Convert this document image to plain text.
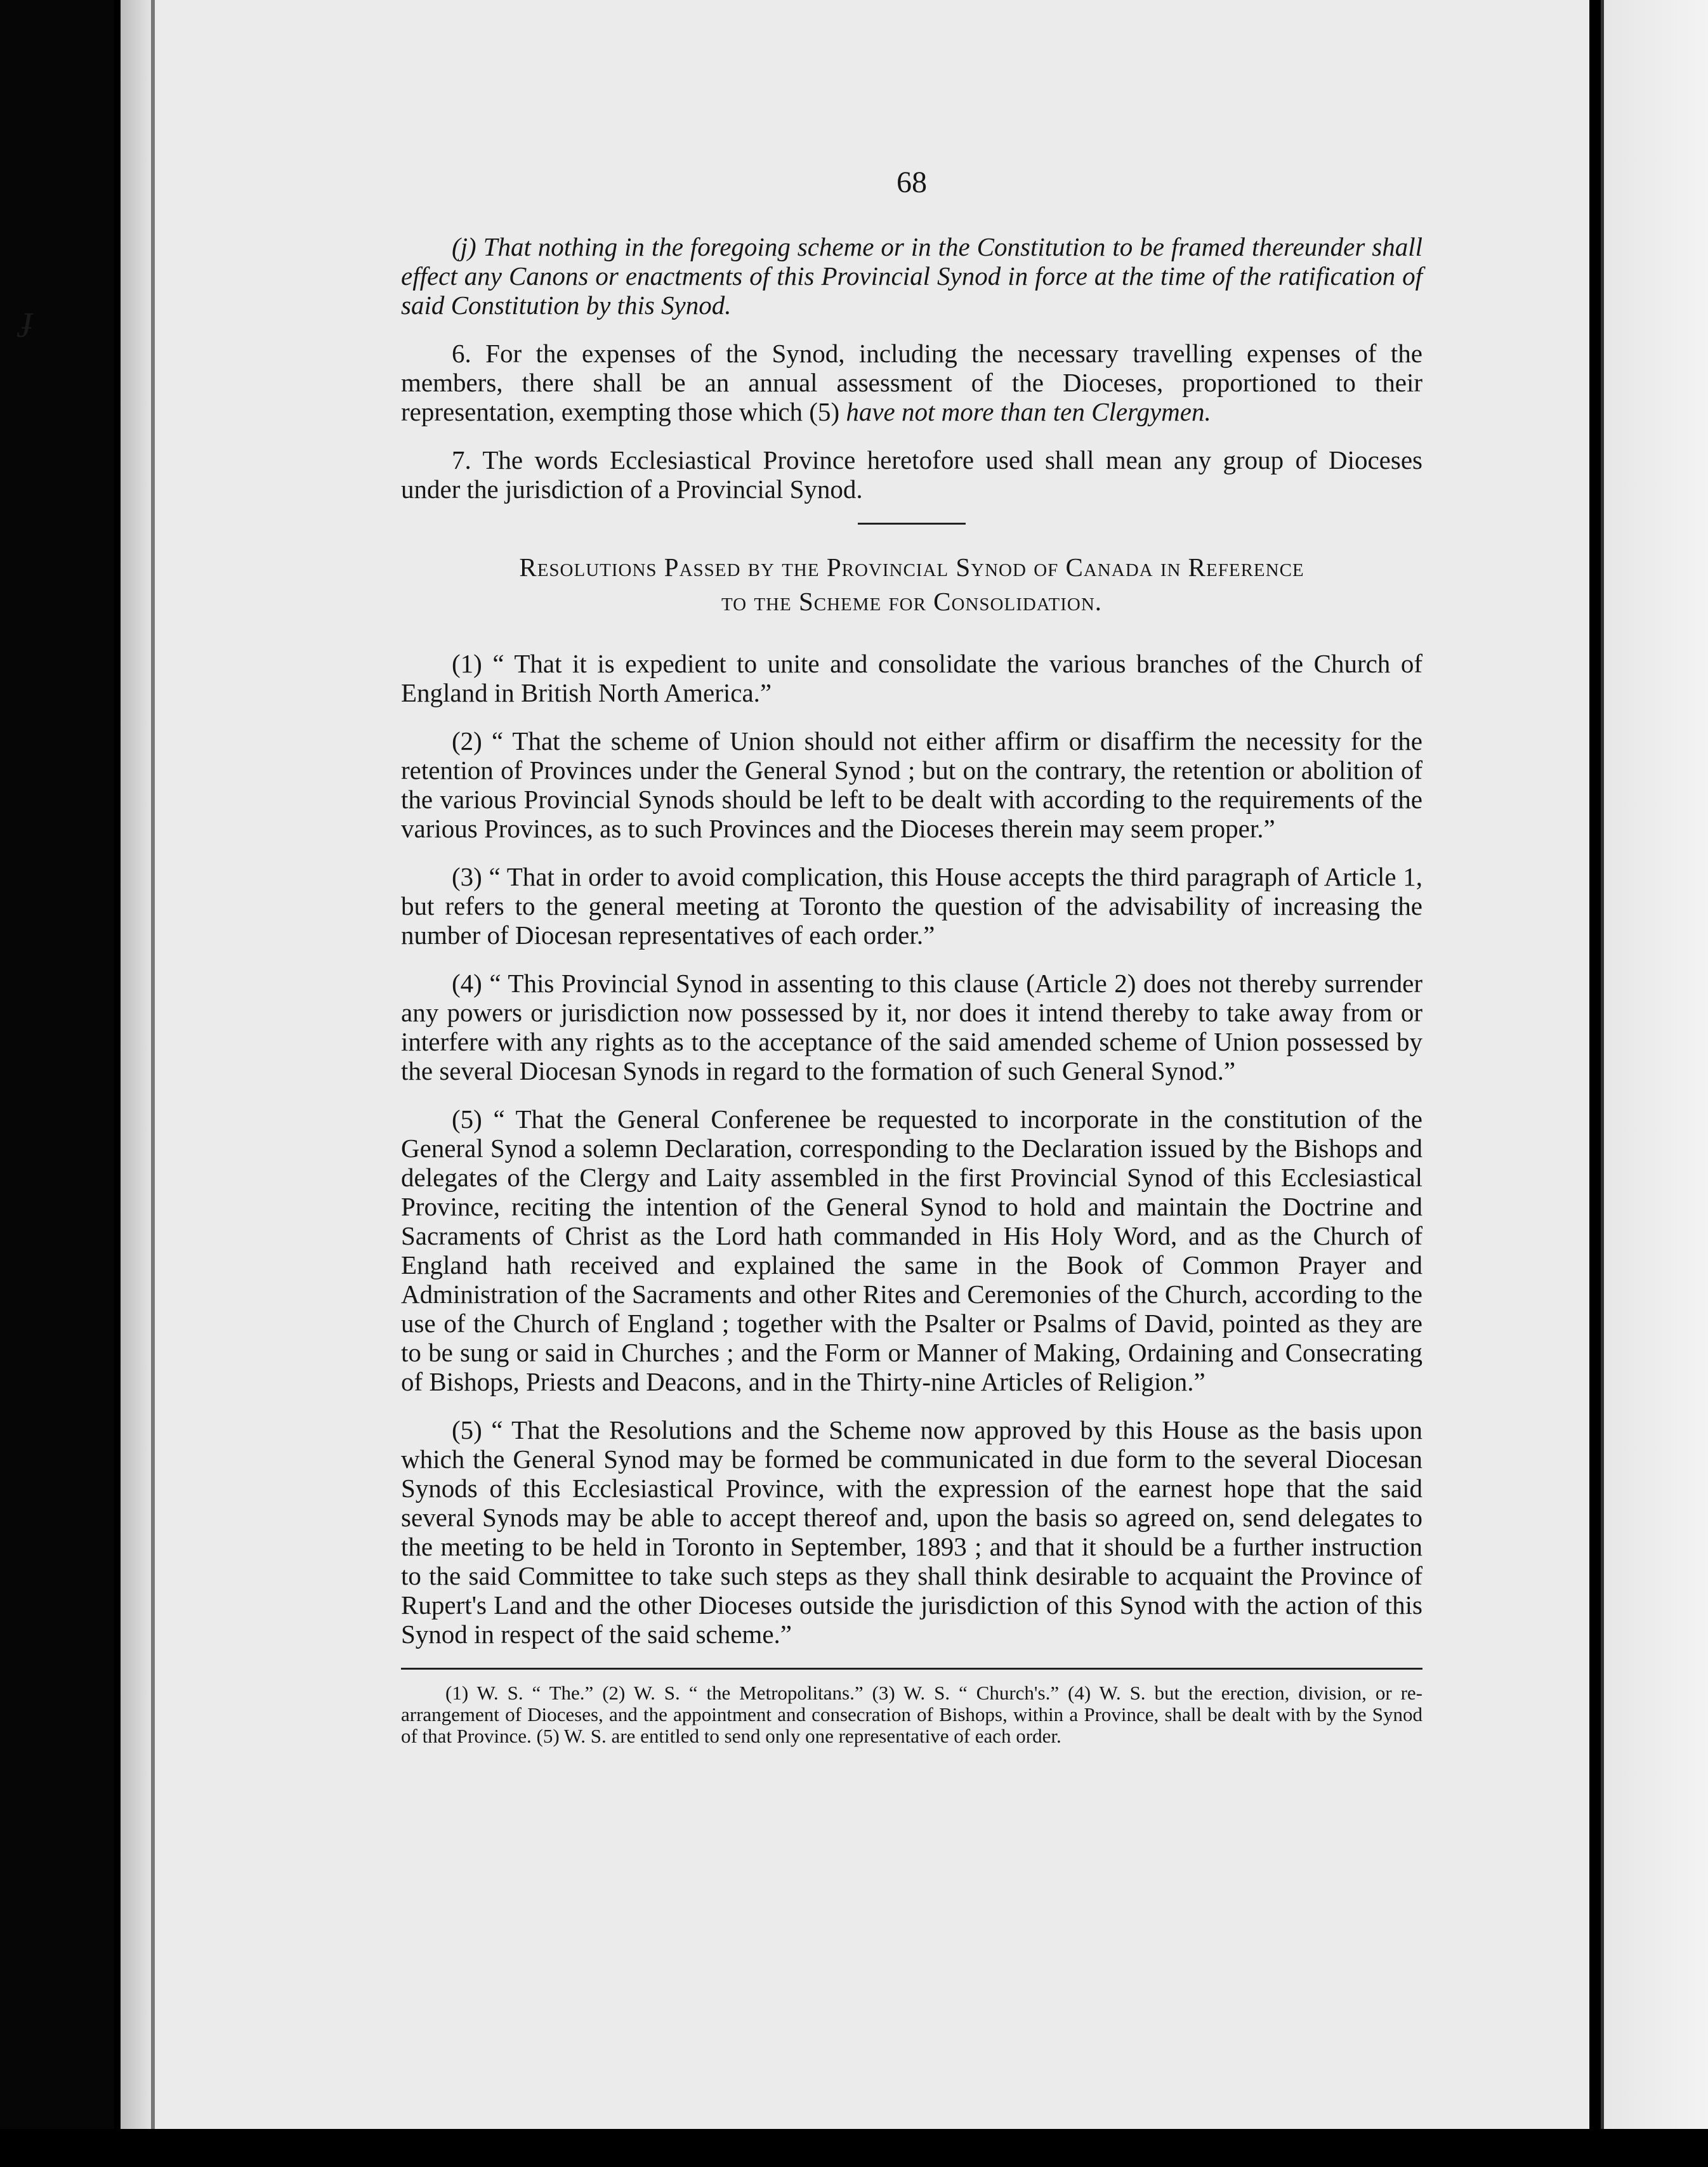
ɟ
68

(j) That nothing in the foregoing scheme or in the Constitution to be framed thereunder shall effect any Canons or enactments of this Provincial Synod in force at the time of the ratification of said Constitution by this Synod.

6. For the expenses of the Synod, including the necessary travelling expenses of the members, there shall be an annual assessment of the Dioceses, proportioned to their representation, exempting those which (5) have not more than ten Clergymen.

7. The words Ecclesiastical Province heretofore used shall mean any group of Dioceses under the jurisdiction of a Provincial Synod.

Resolutions Passed by the Provincial Synod of Canada in Reference
to the Scheme for Consolidation.

(1) “ That it is expedient to unite and consolidate the various branches of the Church of England in British North America.”

(2) “ That the scheme of Union should not either affirm or disaffirm the necessity for the retention of Provinces under the General Synod ; but on the contrary, the retention or abolition of the various Provincial Synods should be left to be dealt with according to the requirements of the various Provinces, as to such Provinces and the Dioceses therein may seem proper.”

(3) “ That in order to avoid complication, this House accepts the third paragraph of Article 1, but refers to the general meeting at Toronto the question of the advisability of increasing the number of Diocesan representatives of each order.”

(4) “ This Provincial Synod in assenting to this clause (Article 2) does not thereby surrender any powers or jurisdiction now possessed by it, nor does it intend thereby to take away from or interfere with any rights as to the acceptance of the said amended scheme of Union possessed by the several Diocesan Synods in regard to the formation of such General Synod.”

(5) “ That the General Conferenee be requested to incorporate in the constitution of the General Synod a solemn Declaration, corresponding to the Declaration issued by the Bishops and delegates of the Clergy and Laity assembled in the first Provincial Synod of this Ecclesiastical Province, reciting the intention of the General Synod to hold and maintain the Doctrine and Sacraments of Christ as the Lord hath commanded in His Holy Word, and as the Church of England hath received and explained the same in the Book of Common Prayer and Administration of the Sacraments and other Rites and Ceremonies of the Church, according to the use of the Church of England ; together with the Psalter or Psalms of David, pointed as they are to be sung or said in Churches ; and the Form or Manner of Making, Ordaining and Consecrating of Bishops, Priests and Deacons, and in the Thirty-nine Articles of Religion.”

(5) “ That the Resolutions and the Scheme now approved by this House as the basis upon which the General Synod may be formed be communicated in due form to the several Diocesan Synods of this Ecclesiastical Province, with the expression of the earnest hope that the said several Synods may be able to accept thereof and, upon the basis so agreed on, send delegates to the meeting to be held in Toronto in September, 1893 ; and that it should be a further instruction to the said Committee to take such steps as they shall think desirable to acquaint the Province of Rupert's Land and the other Dioceses outside the jurisdiction of this Synod with the action of this Synod in respect of the said scheme.”

(1) W. S. “ The.” (2) W. S. “ the Metropolitans.” (3) W. S. “ Church's.” (4) W. S. but the erection, division, or re-arrangement of Dioceses, and the appointment and consecration of Bishops, within a Province, shall be dealt with by the Synod of that Province. (5) W. S. are entitled to send only one representative of each order.
